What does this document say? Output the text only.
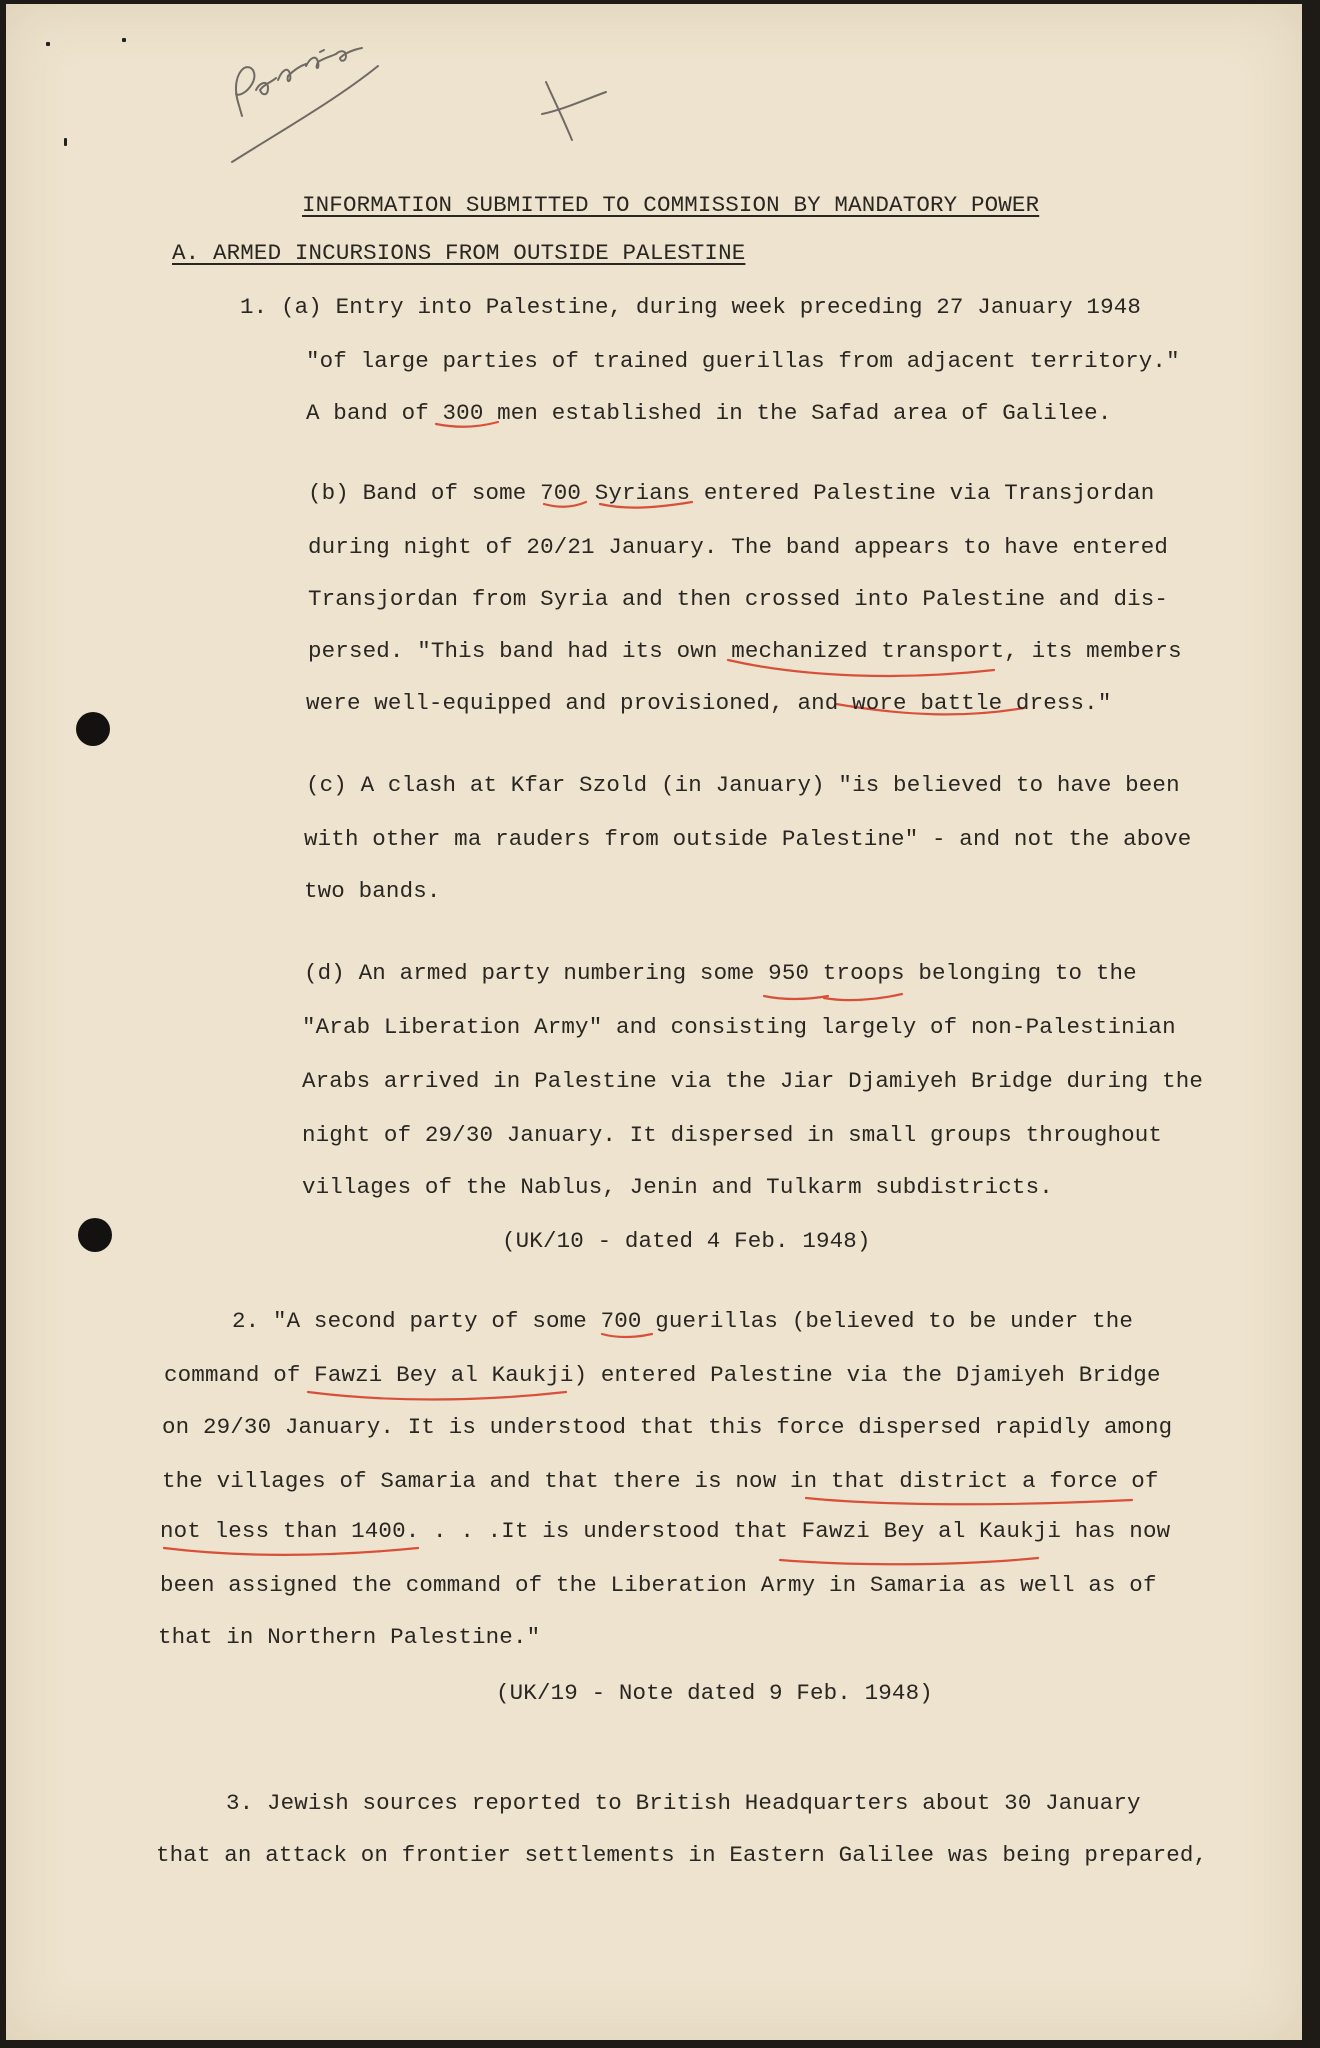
INFORMATION SUBMITTED TO COMMISSION BY MANDATORY POWER
A. ARMED INCURSIONS FROM OUTSIDE PALESTINE
1. (a) Entry into Palestine, during week preceding 27 January 1948
"of large parties of trained guerillas from adjacent territory."
A band of 300 men established in the Safad area of Galilee.
(b) Band of some 700 Syrians entered Palestine via Transjordan
during night of 20/21 January. The band appears to have entered
Transjordan from Syria and then crossed into Palestine and dis-
persed. "This band had its own mechanized transport, its members
were well-equipped and provisioned, and wore battle dress."
(c) A clash at Kfar Szold (in January) "is believed to have been
with other ma rauders from outside Palestine" - and not the above
two bands.
(d) An armed party numbering some 950 troops belonging to the
"Arab Liberation Army" and consisting largely of non-Palestinian
Arabs arrived in Palestine via the Jiar Djamiyeh Bridge during the
night of 29/30 January. It dispersed in small groups throughout
villages of the Nablus, Jenin and Tulkarm subdistricts.
(UK/10 - dated 4 Feb. 1948)
2. "A second party of some 700 guerillas (believed to be under the
command of Fawzi Bey al Kaukji) entered Palestine via the Djamiyeh Bridge
on 29/30 January. It is understood that this force dispersed rapidly among
the villages of Samaria and that there is now in that district a force of
not less than 1400. . . .It is understood that Fawzi Bey al Kaukji has now
been assigned the command of the Liberation Army in Samaria as well as of
that in Northern Palestine."
(UK/19 - Note dated 9 Feb. 1948)
3. Jewish sources reported to British Headquarters about 30 January
that an attack on frontier settlements in Eastern Galilee was being prepared,
